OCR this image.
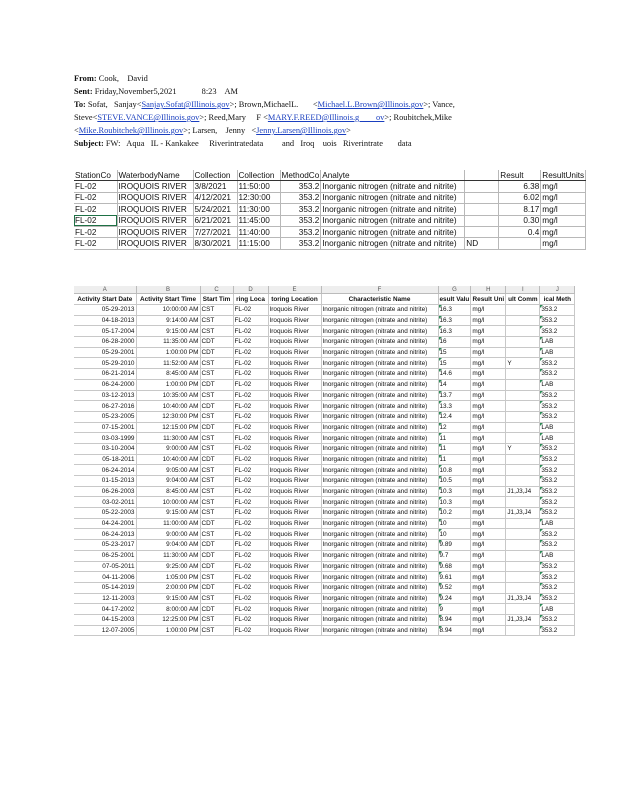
From: Cook,    David
Sent: Friday,November5,2021            8:23    AM
To: Sofat,   Sanjay<Sanjay.Sofat@Illinois.gov>; Brown,MichaelL.       <Michael.L.Brown@Illinois.gov>; Vance,
Steve<STEVE.VANCE@Illinois.gov>; Reed,Mary     F <MARY.F.REED@Illinois.g        ov>; Roubitchek,Mike
<Mike.Roubitchek@Illinois.gov>; Larsen,    Jenny   <Jenny.Larsen@Illinois.gov>
Subject: FW:   Aqua   IL - Kankakee     Riverintratedata         and   Iroq    uois   Riverintrate       data
StationCo	WaterbodyName	Collection	Collection	MethodCo	Analyte		Result	ResultUnits
FL-02	IROQUOIS RIVER	3/8/2021	11:50:00	353.2	Inorganic nitrogen (nitrate and nitrite)		6.38	mg/l
FL-02	IROQUOIS RIVER	4/12/2021	12:30:00	353.2	Inorganic nitrogen (nitrate and nitrite)		6.02	mg/l
FL-02	IROQUOIS RIVER	5/24/2021	11:30:00	353.2	Inorganic nitrogen (nitrate and nitrite)		8.17	mg/l
FL-02	IROQUOIS RIVER	6/21/2021	11:45:00	353.2	Inorganic nitrogen (nitrate and nitrite)		0.30	mg/l
FL-02	IROQUOIS RIVER	7/27/2021	11:40:00	353.2	Inorganic nitrogen (nitrate and nitrite)		0.4	mg/l
FL-02	IROQUOIS RIVER	8/30/2021	11:15:00	353.2	Inorganic nitrogen (nitrate and nitrite)	ND		mg/l
A	B	C	D	E	F	G	H	I	J
Activity Start Date	Activity Start Time	Start Tim	ring Loca	toring Location	Characteristic Name	esult Valu	Result Uni	ult Comm	ical Meth
05-29-2013	10:00:00 AM	CST	FL-02	Iroquois River	Inorganic nitrogen (nitrate and nitrite)	16.3	mg/l		353.2
04-18-2013	9:14:00 AM	CST	FL-02	Iroquois River	Inorganic nitrogen (nitrate and nitrite)	16.3	mg/l		353.2
05-17-2004	9:15:00 AM	CST	FL-02	Iroquois River	Inorganic nitrogen (nitrate and nitrite)	16.3	mg/l		353.2
06-28-2000	11:35:00 AM	CDT	FL-02	Iroquois River	Inorganic nitrogen (nitrate and nitrite)	16	mg/l		LAB
05-29-2001	1:00:00 PM	CDT	FL-02	Iroquois River	Inorganic nitrogen (nitrate and nitrite)	15	mg/l		LAB
05-29-2010	11:52:00 AM	CST	FL-02	Iroquois River	Inorganic nitrogen (nitrate and nitrite)	15	mg/l	Y	353.2
06-21-2014	8:45:00 AM	CST	FL-02	Iroquois River	Inorganic nitrogen (nitrate and nitrite)	14.6	mg/l		353.2
06-24-2000	1:00:00 PM	CDT	FL-02	Iroquois River	Inorganic nitrogen (nitrate and nitrite)	14	mg/l		LAB
03-12-2013	10:35:00 AM	CST	FL-02	Iroquois River	Inorganic nitrogen (nitrate and nitrite)	13.7	mg/l		353.2
06-27-2016	10:40:00 AM	CDT	FL-02	Iroquois River	Inorganic nitrogen (nitrate and nitrite)	13.3	mg/l		353.2
05-23-2005	12:30:00 PM	CST	FL-02	Iroquois River	Inorganic nitrogen (nitrate and nitrite)	12.4	mg/l		353.2
07-15-2001	12:15:00 PM	CDT	FL-02	Iroquois River	Inorganic nitrogen (nitrate and nitrite)	12	mg/l		LAB
03-03-1999	11:30:00 AM	CST	FL-02	Iroquois River	Inorganic nitrogen (nitrate and nitrite)	11	mg/l		LAB
03-10-2004	9:00:00 AM	CST	FL-02	Iroquois River	Inorganic nitrogen (nitrate and nitrite)	11	mg/l	Y	353.2
05-18-2011	10:40:00 AM	CDT	FL-02	Iroquois River	Inorganic nitrogen (nitrate and nitrite)	11	mg/l		353.2
06-24-2014	9:05:00 AM	CST	FL-02	Iroquois River	Inorganic nitrogen (nitrate and nitrite)	10.8	mg/l		353.2
01-15-2013	9:04:00 AM	CST	FL-02	Iroquois River	Inorganic nitrogen (nitrate and nitrite)	10.5	mg/l		353.2
06-26-2003	8:45:00 AM	CST	FL-02	Iroquois River	Inorganic nitrogen (nitrate and nitrite)	10.3	mg/l	J1,J3,J4	353.2
03-02-2011	10:00:00 AM	CST	FL-02	Iroquois River	Inorganic nitrogen (nitrate and nitrite)	10.3	mg/l		353.2
05-22-2003	9:15:00 AM	CST	FL-02	Iroquois River	Inorganic nitrogen (nitrate and nitrite)	10.2	mg/l	J1,J3,J4	353.2
04-24-2001	11:00:00 AM	CDT	FL-02	Iroquois River	Inorganic nitrogen (nitrate and nitrite)	10	mg/l		LAB
06-24-2013	9:00:00 AM	CST	FL-02	Iroquois River	Inorganic nitrogen (nitrate and nitrite)	10	mg/l		353.2
05-23-2017	9:04:00 AM	CDT	FL-02	Iroquois River	Inorganic nitrogen (nitrate and nitrite)	9.89	mg/l		353.2
06-25-2001	11:30:00 AM	CDT	FL-02	Iroquois River	Inorganic nitrogen (nitrate and nitrite)	9.7	mg/l		LAB
07-05-2011	9:25:00 AM	CDT	FL-02	Iroquois River	Inorganic nitrogen (nitrate and nitrite)	9.68	mg/l		353.2
04-11-2006	1:05:00 PM	CST	FL-02	Iroquois River	Inorganic nitrogen (nitrate and nitrite)	9.61	mg/l		353.2
05-14-2019	2:00:00 PM	CDT	FL-02	Iroquois River	Inorganic nitrogen (nitrate and nitrite)	9.52	mg/l		353.2
12-11-2003	9:15:00 AM	CST	FL-02	Iroquois River	Inorganic nitrogen (nitrate and nitrite)	9.24	mg/l	J1,J3,J4	353.2
04-17-2002	8:00:00 AM	CDT	FL-02	Iroquois River	Inorganic nitrogen (nitrate and nitrite)	9	mg/l		LAB
04-15-2003	12:25:00 PM	CST	FL-02	Iroquois River	Inorganic nitrogen (nitrate and nitrite)	8.94	mg/l	J1,J3,J4	353.2
12-07-2005	1:00:00 PM	CST	FL-02	Iroquois River	Inorganic nitrogen (nitrate and nitrite)	8.94	mg/l		353.2
